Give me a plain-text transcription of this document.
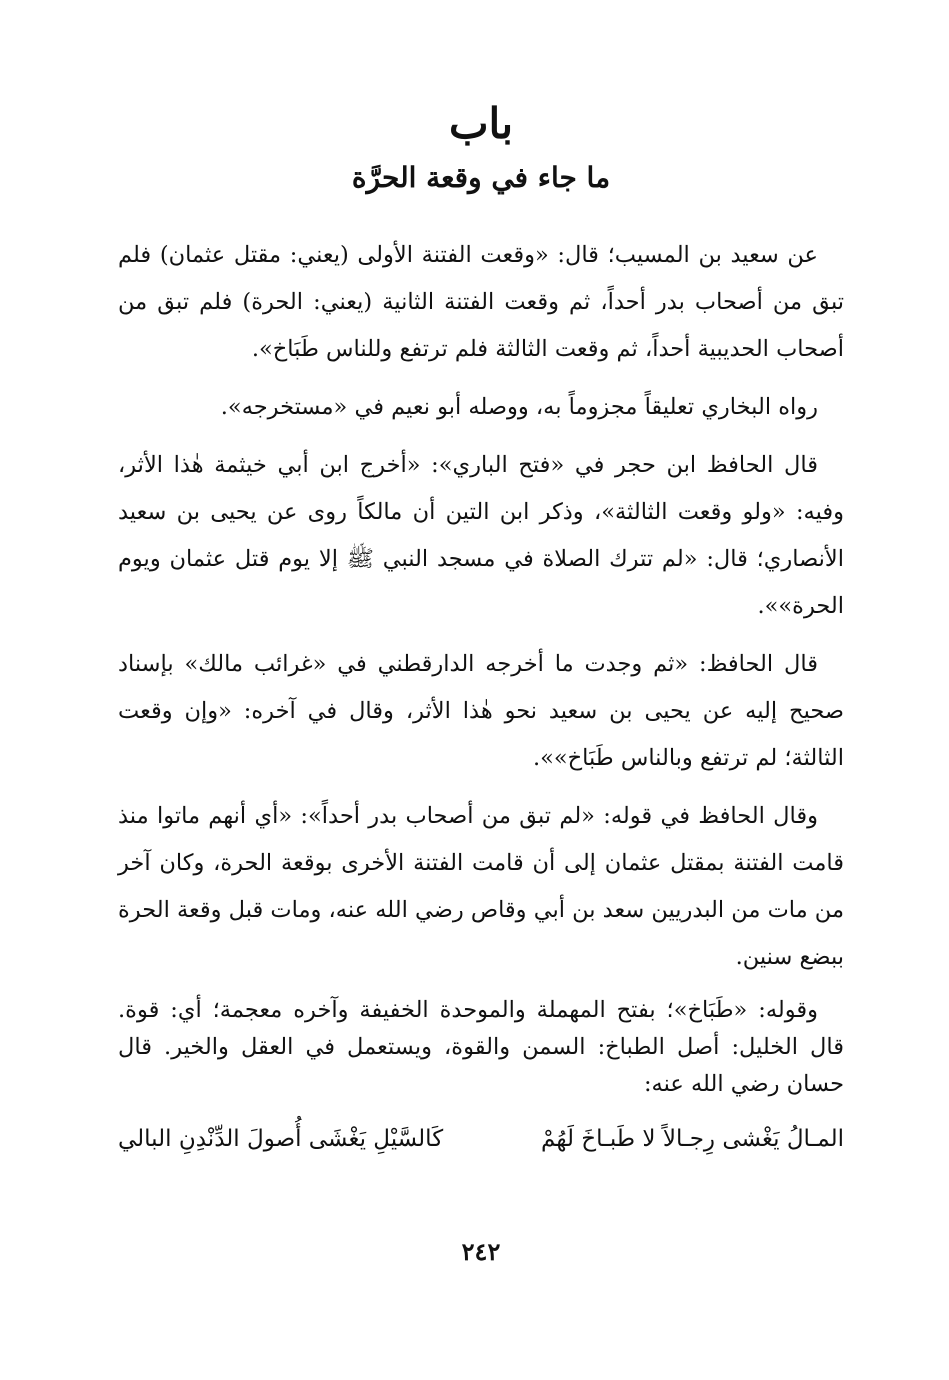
باب
ما جاء في وقعة الحرَّة

عن سعيد بن المسيب؛ قال: «وقعت الفتنة الأولى (يعني: مقتل عثمان) فلم تبق من أصحاب بدر أحداً، ثم وقعت الفتنة الثانية (يعني: الحرة) فلم تبق من أصحاب الحديبية أحداً، ثم وقعت الثالثة فلم ترتفع وللناس طَبَاخ».

رواه البخاري تعليقاً مجزوماً به، ووصله أبو نعيم في «مستخرجه».

قال الحافظ ابن حجر في «فتح الباري»: «أخرج ابن أبي خيثمة هٰذا الأثر، وفيه: «ولو وقعت الثالثة»، وذكر ابن التين أن مالكاً روى عن يحيى بن سعيد الأنصاري؛ قال: «لم تترك الصلاة في مسجد النبي ﷺ إلا يوم قتل عثمان ويوم الحرة»».

قال الحافظ: «ثم وجدت ما أخرجه الدارقطني في «غرائب مالك» بإسناد صحيح إليه عن يحيى بن سعيد نحو هٰذا الأثر، وقال في آخره: «وإن وقعت الثالثة؛ لم ترتفع وبالناس طَبَاخ»».

وقال الحافظ في قوله: «لم تبق من أصحاب بدر أحداً»: «أي أنهم ماتوا منذ قامت الفتنة بمقتل عثمان إلى أن قامت الفتنة الأخرى بوقعة الحرة، وكان آخر من مات من البدريين سعد بن أبي وقاص رضي الله عنه، ومات قبل وقعة الحرة ببضع سنين.

وقوله: «طَبَاخ»؛ بفتح المهملة والموحدة الخفيفة وآخره معجمة؛ أي: قوة. قال الخليل: أصل الطباخ: السمن والقوة، ويستعمل في العقل والخير. قال حسان رضي الله عنه:

المـالُ يَغْشى رِجـالاً لا طَبـاخَ لَهُمْ
كَالسَّيْلِ يَغْشَى أُصولَ الدِّنْدِنِ البالي
٢٤٢
